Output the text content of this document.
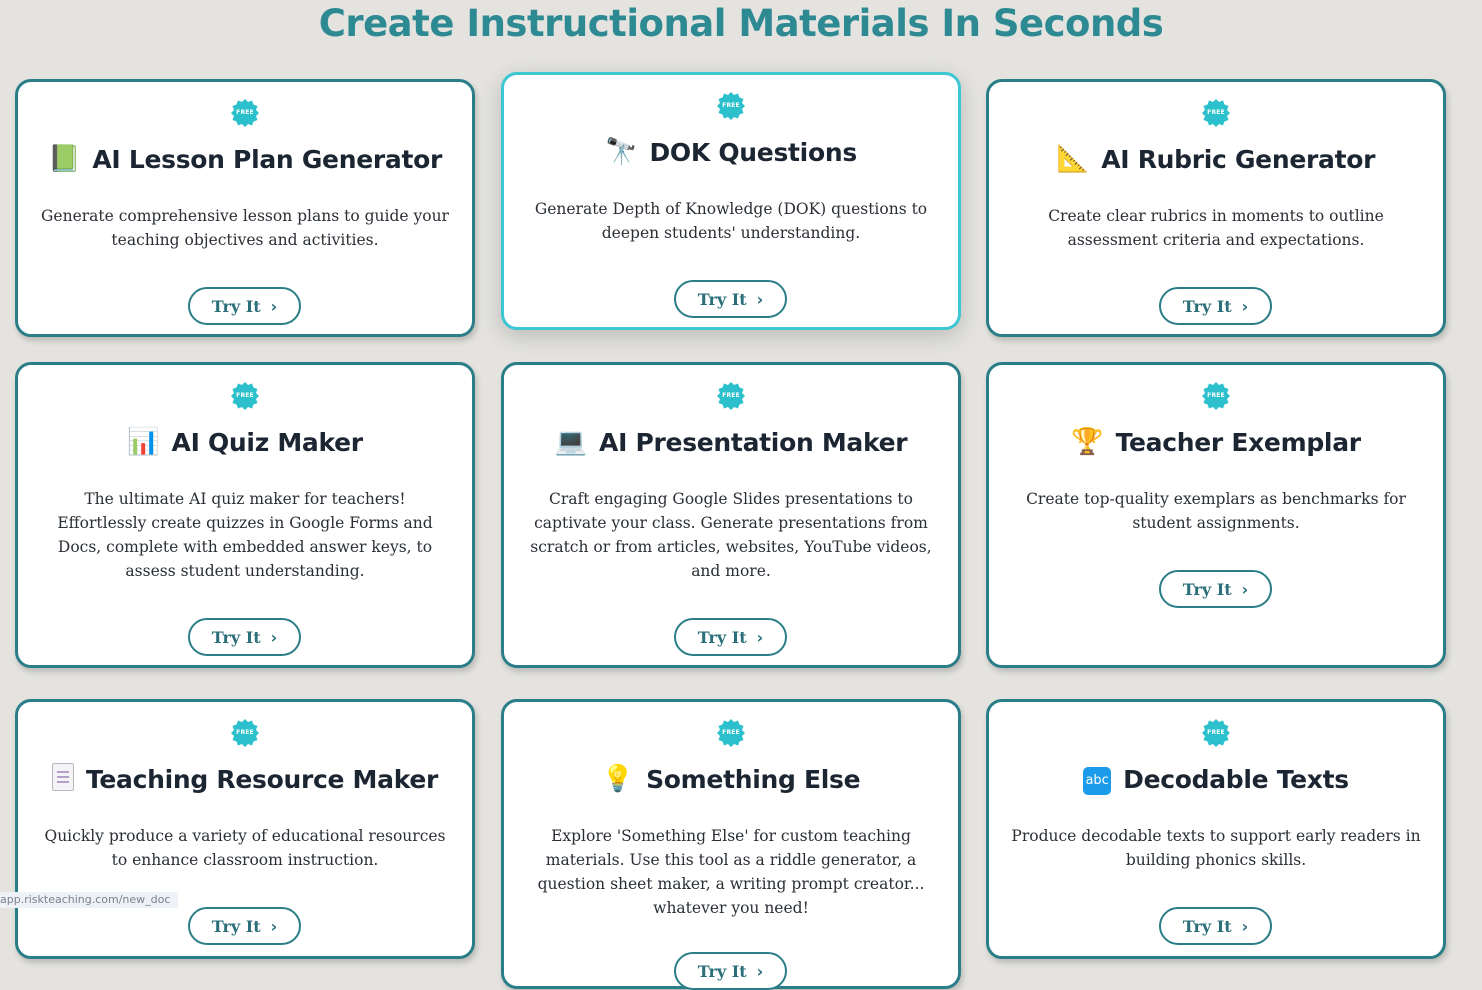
Create Instructional Materials In Seconds
FREE
📗 AI Lesson Plan Generator

Generate comprehensive lesson plans to guide your teaching objectives and activities.

Try It ›
FREE
🔭 DOK Questions

Generate Depth of Knowledge (DOK) questions to deepen students' understanding.

Try It ›
FREE
📐 AI Rubric Generator

Create clear rubrics in moments to outline assessment criteria and expectations.

Try It ›
FREE
📊 AI Quiz Maker

The ultimate AI quiz maker for teachers! Effortlessly create quizzes in Google Forms and Docs, complete with embedded answer keys, to assess student understanding.

Try It ›
FREE
💻 AI Presentation Maker

Craft engaging Google Slides presentations to captivate your class. Generate presentations from scratch or from articles, websites, YouTube videos, and more.

Try It ›
FREE
🏆 Teacher Exemplar

Create top-quality exemplars as benchmarks for student assignments.

Try It ›
FREE
Teaching Resource Maker

Quickly produce a variety of educational resources to enhance classroom instruction.

Try It ›
FREE
💡 Something Else

Explore 'Something Else' for custom teaching materials. Use this tool as a riddle generator, a question sheet maker, a writing prompt creator... whatever you need!

Try It ›
FREE
abc Decodable Texts

Produce decodable texts to support early readers in building phonics skills.

Try It ›
app.riskteaching.com/new_doc
